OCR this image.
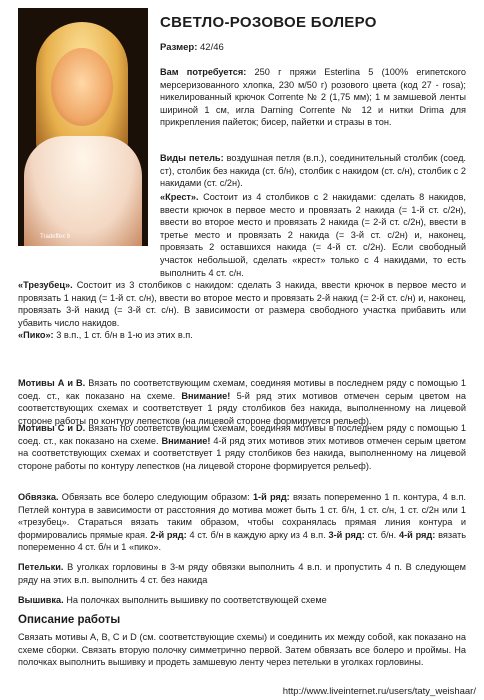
Tradeffex 9
СВЕТЛО-РОЗОВОЕ БОЛЕРО
Размер: 42/46
Вам потребуется: 250 г пряжи Esterlina 5 (100% египетского мерсеризованного хлопка, 230 м/50 г) розового цвета (код 27 - rosa); никелированный крючок Corrente № 2 (1,75 мм); 1 м замшевой ленты шириной 1 см, игла Darning Corrente № 12 и нитки Drima для прикрепления пайеток; бисер, пайетки и стразы в тон.
Виды петель: воздушная петля (в.п.), соединительный столбик (соед. ст), столбик без накида (ст. б/н), столбик с накидом (ст. с/н), столбик с 2 накидами (ст. с/2н).
«Крест». Состоит из 4 столбиков с 2 накидами: сделать 8 накидов, ввести крючок в первое место и провязать 2 накида (= 1-й ст. с/2н), ввести во второе место и провязать 2 накида (= 2-й ст. с/2н), ввести в третье место и провязать 2 накида (= 3-й ст. с/2н) и, наконец, провязать 2 оставшихся накида (= 4-й ст. с/2н). Если свободный участок небольшой, сделать «крест» только с 4 накидами, то есть выполнить 4 ст. с/н.
«Трезубец». Состоит из 3 столбиков с накидом: сделать 3 накида, ввести крючок в первое место и провязать 1 накид (= 1-й ст. с/н), ввести во второе место и провязать 2-й накид (= 2-й ст. с/н) и, наконец, провязать 3-й накид (= 3-й ст. с/н). В зависимости от размера свободного участка прибавить или убавить число накидов.
«Пико»: 3 в.п., 1 ст. б/н в 1-ю из этих в.п.
Мотивы А и В. Вязать по соответствующим схемам, соединяя мотивы в последнем ряду с помощью 1 соед. ст., как показано на схеме. Внимание! 5-й ряд этих мотивов отмечен серым цветом на соответствующих схемах и соответствует 1 ряду столбиков без накида, выполненному на лицевой стороне работы по контуру лепестков (на лицевой стороне формируется рельеф).
Мотивы С и D. Вязать по соответствующим схемам, соединяя мотивы в последнем ряду с помощью 1 соед. ст., как показано на схеме. Внимание! 4-й ряд этих мотивов этих мотивов отмечен серым цветом на соответствующих схемах и соответствует 1 ряду столбиков без накида, выполненному на лицевой стороне работы по контуру лепестков (на лицевой стороне формируется рельеф).
Обвязка. Обвязать все болеро следующим образом: 1-й ряд: вязать попеременно 1 п. контура, 4 в.п. Петлей контура в зависимости от расстояния до мотива может быть 1 ст. б/н, 1 ст. с/н, 1 ст. с/2н или 1 «трезубец». Стараться вязать таким образом, чтобы сохранялась прямая линия контура и формировались прямые края. 2-й ряд: 4 ст. б/н в каждую арку из 4 в.п. 3-й ряд: ст. б/н. 4-й ряд: вязать попеременно 4 ст. б/н и 1 «пико».
Петельки. В уголках горловины в 3-м ряду обвязки выполнить 4 в.п. и пропустить 4 п. В следующем ряду на этих в.п. выполнить 4 ст. без накида
Вышивка. На полочках выполнить вышивку по соответствующей схеме
Описание работы
Связать мотивы А, В, С и D (см. соответствующие схемы) и соединить их между собой, как показано на схеме сборки. Связать вторую полочку симметрично первой. Затем обвязать все болеро и проймы. На полочках выполнить вышивку и продеть замшевую ленту через петельки в уголках горловины.
http://www.liveinternet.ru/users/taty_weishaar/
